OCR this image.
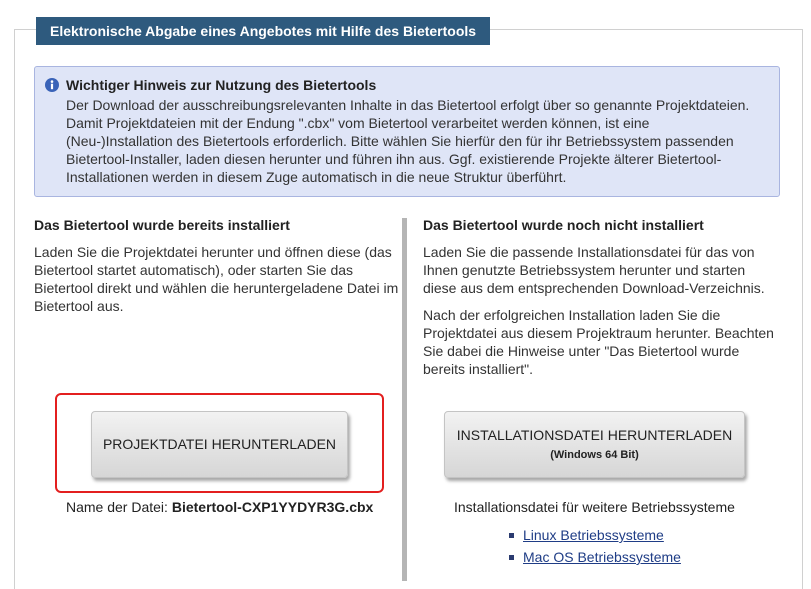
Elektronische Abgabe eines Angebotes mit Hilfe des Bietertools
Wichtiger Hinweis zur Nutzung des Bietertools
Der Download der ausschreibungsrelevanten Inhalte in das Bietertool erfolgt über so genannte Projektdateien.
Damit Projektdateien mit der Endung ".cbx" vom Bietertool verarbeitet werden können, ist eine
(Neu-)Installation des Bietertools erforderlich. Bitte wählen Sie hierfür den für ihr Betriebssystem passenden
Bietertool-Installer, laden diesen herunter und führen ihn aus. Ggf. existierende Projekte älterer Bietertool-
Installationen werden in diesem Zuge automatisch in die neue Struktur überführt.
Das Bietertool wurde bereits installiert
Laden Sie die Projektdatei herunter und öffnen diese (das
Bietertool startet automatisch), oder starten Sie das
Bietertool direkt und wählen die heruntergeladene Datei im
Bietertool aus.
PROJEKTDATEI HERUNTERLADEN
Name der Datei: Bietertool-CXP1YYDYR3G.cbx
Das Bietertool wurde noch nicht installiert
Laden Sie die passende Installationsdatei für das von
Ihnen genutzte Betriebssystem herunter und starten
diese aus dem entsprechenden Download-Verzeichnis.
Nach der erfolgreichen Installation laden Sie die
Projektdatei aus diesem Projektraum herunter. Beachten
Sie dabei die Hinweise unter "Das Bietertool wurde
bereits installiert".
INSTALLATIONSDATEI HERUNTERLADEN
(Windows 64 Bit)
Installationsdatei für weitere Betriebssysteme
Linux Betriebssysteme
Mac OS Betriebssysteme
